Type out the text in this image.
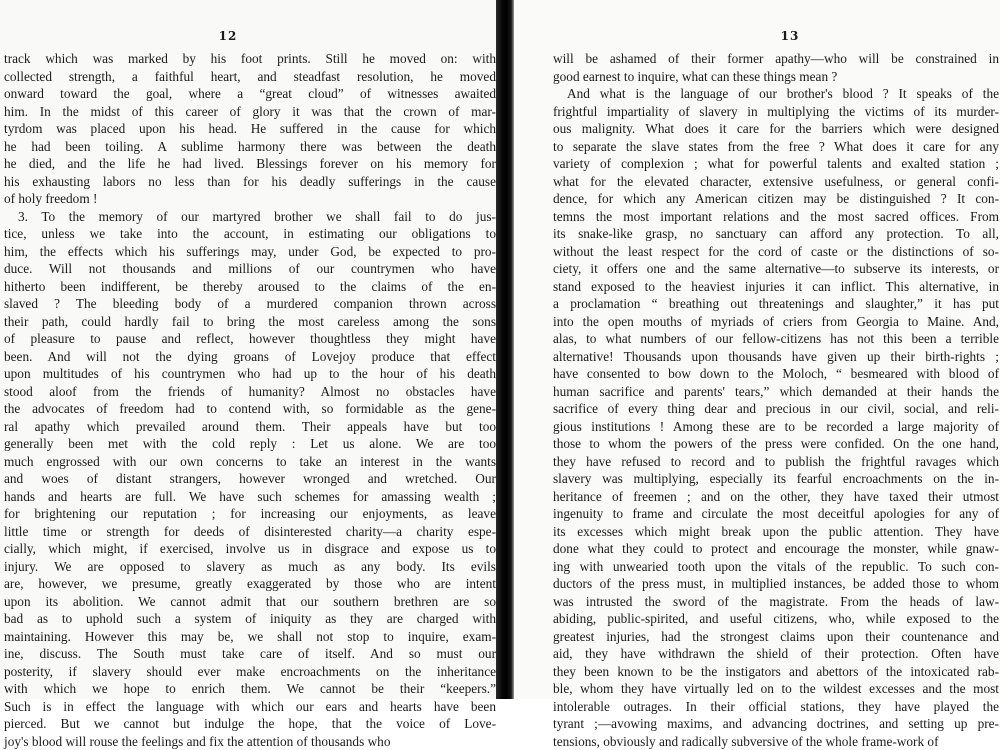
12
track which was marked by his foot prints. Still he moved on: with
collected strength, a faithful heart, and steadfast resolution, he moved
onward toward the goal, where a “great cloud” of witnesses awaited
him. In the midst of this career of glory it was that the crown of mar-
tyrdom was placed upon his head. He suffered in the cause for which
he had been toiling. A sublime harmony there was between the death
he died, and the life he had lived. Blessings forever on his memory for
his exhausting labors no less than for his deadly sufferings in the cause
of holy freedom !
3. To the memory of our martyred brother we shall fail to do jus-
tice, unless we take into the account, in estimating our obligations to
him, the effects which his sufferings may, under God, be expected to pro-
duce. Will not thousands and millions of our countrymen who have
hitherto been indifferent, be thereby aroused to the claims of the en-
slaved ? The bleeding body of a murdered companion thrown across
their path, could hardly fail to bring the most careless among the sons
of pleasure to pause and reflect, however thoughtless they might have
been. And will not the dying groans of Lovejoy produce that effect
upon multitudes of his countrymen who had up to the hour of his death
stood aloof from the friends of humanity? Almost no obstacles have
the advocates of freedom had to contend with, so formidable as the gene-
ral apathy which prevailed around them. Their appeals have but too
generally been met with the cold reply : Let us alone. We are too
much engrossed with our own concerns to take an interest in the wants
and woes of distant strangers, however wronged and wretched. Our
hands and hearts are full. We have such schemes for amassing wealth ;
for brightening our reputation ; for increasing our enjoyments, as leave
little time or strength for deeds of disinterested charity—a charity espe-
cially, which might, if exercised, involve us in disgrace and expose us to
injury. We are opposed to slavery as much as any body. Its evils
are, however, we presume, greatly exaggerated by those who are intent
upon its abolition. We cannot admit that our southern brethren are so
bad as to uphold such a system of iniquity as they are charged with
maintaining. However this may be, we shall not stop to inquire, exam-
ine, discuss. The South must take care of itself. And so must our
posterity, if slavery should ever make encroachments on the inheritance
with which we hope to enrich them. We cannot be their “keepers.”
Such is in effect the language with which our ears and hearts have been
pierced. But we cannot but indulge the hope, that the voice of Love-
joy's blood will rouse the feelings and fix the attention of thousands who
13
will be ashamed of their former apathy—who will be constrained in
good earnest to inquire, what can these things mean ?
And what is the language of our brother's blood ? It speaks of the
frightful impartiality of slavery in multiplying the victims of its murder-
ous malignity. What does it care for the barriers which were designed
to separate the slave states from the free ? What does it care for any
variety of complexion ; what for powerful talents and exalted station ;
what for the elevated character, extensive usefulness, or general confi-
dence, for which any American citizen may be distinguished ? It con-
temns the most important relations and the most sacred offices. From
its snake-like grasp, no sanctuary can afford any protection. To all,
without the least respect for the cord of caste or the distinctions of so-
ciety, it offers one and the same alternative—to subserve its interests, or
stand exposed to the heaviest injuries it can inflict. This alternative, in
a proclamation “ breathing out threatenings and slaughter,” it has put
into the open mouths of myriads of criers from Georgia to Maine. And,
alas, to what numbers of our fellow-citizens has not this been a terrible
alternative! Thousands upon thousands have given up their birth-rights ;
have consented to bow down to the Moloch, “ besmeared with blood of
human sacrifice and parents' tears,” which demanded at their hands the
sacrifice of every thing dear and precious in our civil, social, and reli-
gious institutions ! Among these are to be recorded a large majority of
those to whom the powers of the press were confided. On the one hand,
they have refused to record and to publish the frightful ravages which
slavery was multiplying, especially its fearful encroachments on the in-
heritance of freemen ; and on the other, they have taxed their utmost
ingenuity to frame and circulate the most deceitful apologies for any of
its excesses which might break upon the public attention. They have
done what they could to protect and encourage the monster, while gnaw-
ing with unwearied tooth upon the vitals of the republic. To such con-
ductors of the press must, in multiplied instances, be added those to whom
was intrusted the sword of the magistrate. From the heads of law-
abiding, public-spirited, and useful citizens, who, while exposed to the
greatest injuries, had the strongest claims upon their countenance and
aid, they have withdrawn the shield of their protection. Often have
they been known to be the instigators and abettors of the intoxicated rab-
ble, whom they have virtually led on to the wildest excesses and the most
intolerable outrages. In their official stations, they have played the
tyrant ;—avowing maxims, and advancing doctrines, and setting up pre-
tensions, obviously and radically subversive of the whole frame-work of
